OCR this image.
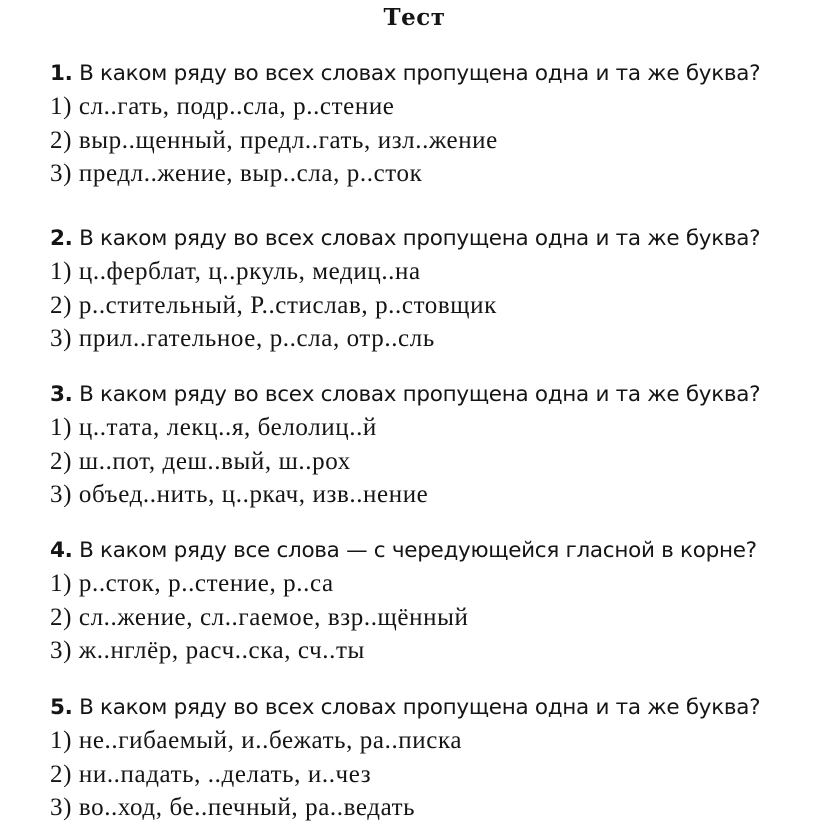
Тест
1. В каком ряду во всех словах пропущена одна и та же буква?
1) сл..гать, подр..сла, р..стение
2) выр..щенный, предл..гать, изл..жение
3) предл..жение, выр..сла, р..сток
2. В каком ряду во всех словах пропущена одна и та же буква?
1) ц..ферблат, ц..ркуль, медиц..на
2) р..стительный, Р..стислав, р..стовщик
3) прил..гательное, р..сла, отр..сль
3. В каком ряду во всех словах пропущена одна и та же буква?
1) ц..тата, лекц..я, белолиц..й
2) ш..пот, деш..вый, ш..рох
3) объед..нить, ц..ркач, изв..нение
4. В каком ряду все слова — с чередующейся гласной в корне?
1) р..сток, р..стение, р..са
2) сл..жение, сл..гаемое, взр..щённый
3) ж..нглёр, расч..ска, сч..ты
5. В каком ряду во всех словах пропущена одна и та же буква?
1) не..гибаемый, и..бежать, ра..писка
2) ни..падать, ..делать, и..чез
3) во..ход, бе..печный, ра..ведать
